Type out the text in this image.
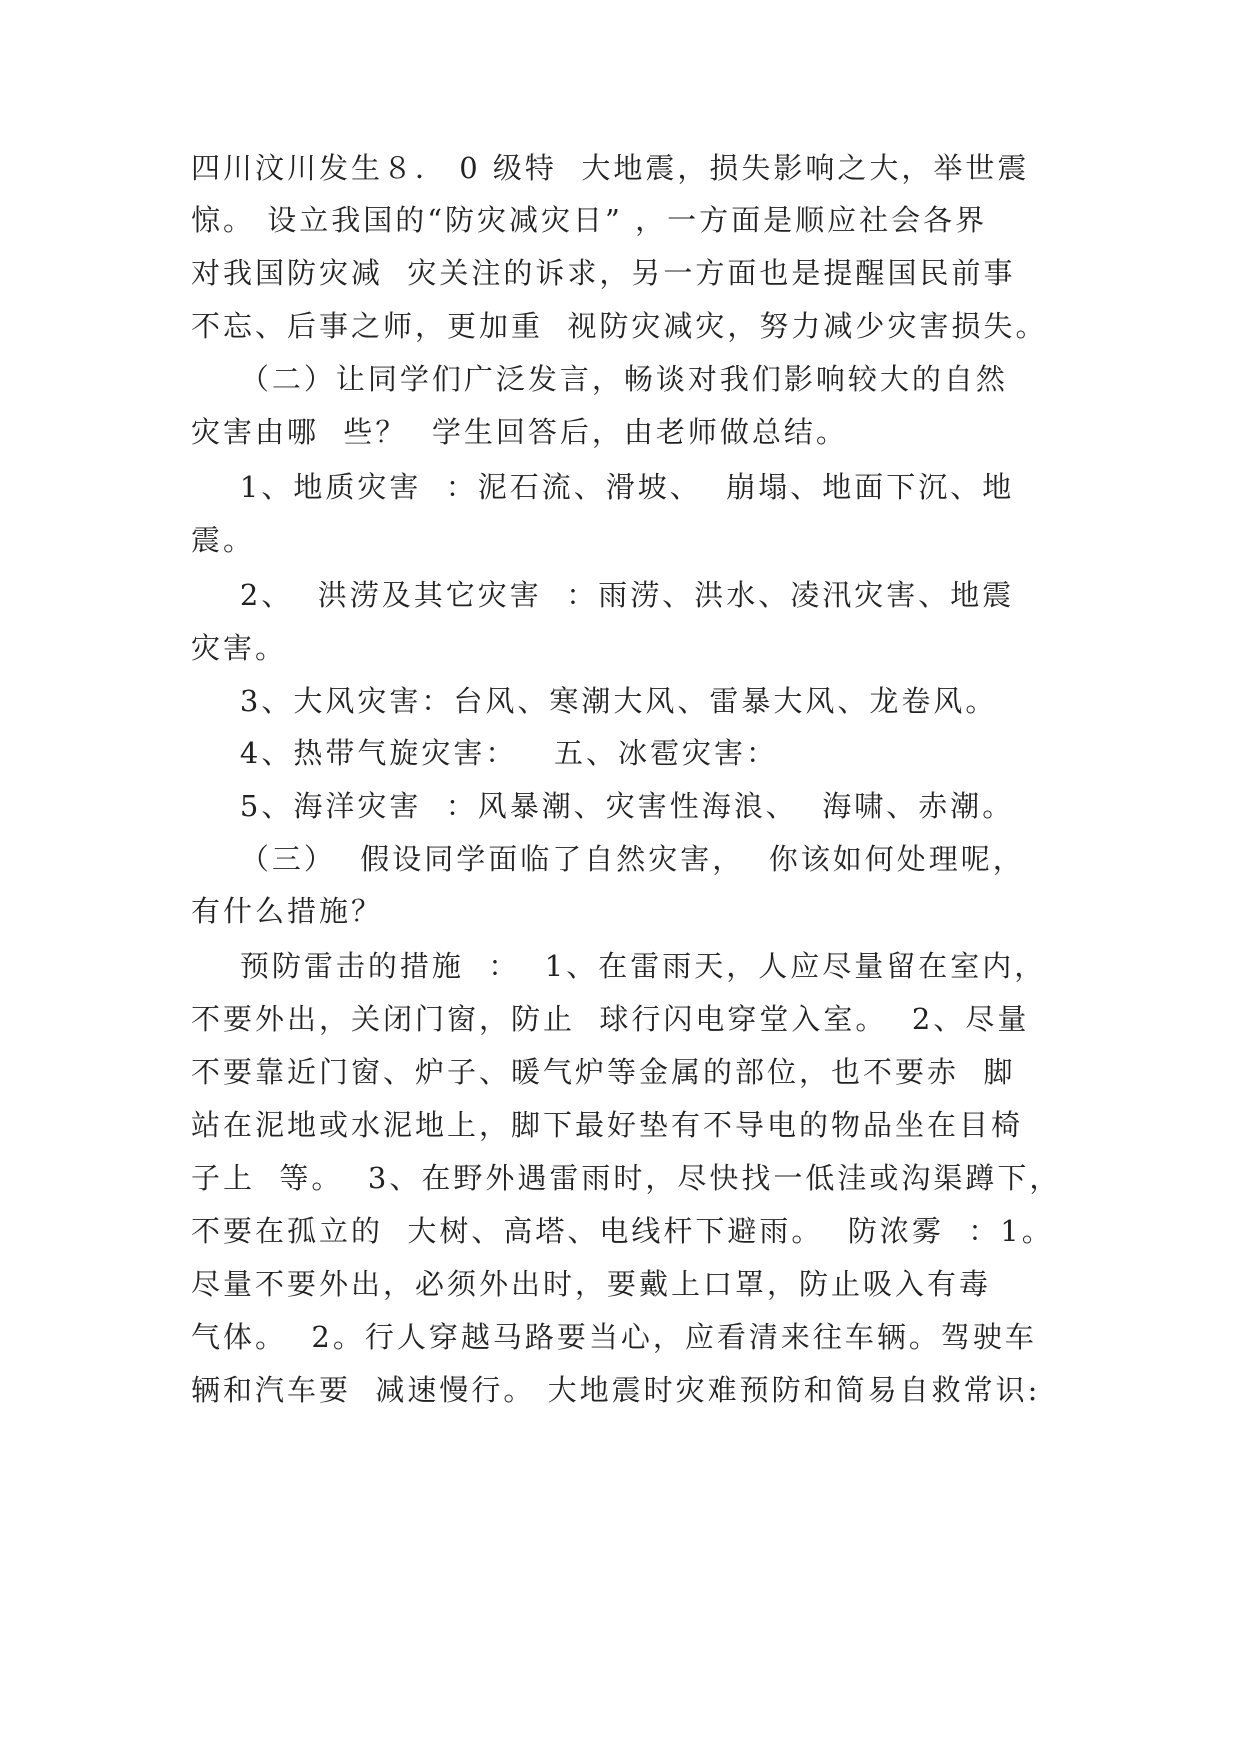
四川汶川发生８． 0 级特  大地震，损失影响之大，举世震
惊。 设立我国的“防灾减灾日” ，一方面是顺应社会各界
对我国防灾减  灾关注的诉求，另一方面也是提醒国民前事
不忘、后事之师，更加重  视防灾减灾，努力减少灾害损失。
（二）让同学们广泛发言，畅谈对我们影响较大的自然
灾害由哪  些？  学生回答后，由老师做总结。
1、地质灾害  ：泥石流、滑坡、  崩塌、地面下沉、地
震。
2、  洪涝及其它灾害  ：雨涝、洪水、凌汛灾害、地震
灾害。
3、大风灾害：台风、寒潮大风、雷暴大风、龙卷风。
4、热带气旋灾害：   五、冰雹灾害：
5、海洋灾害  ：风暴潮、灾害性海浪、  海啸、赤潮。
（三）  假设同学面临了自然灾害，  你该如何处理呢，
有什么措施？
预防雷击的措施  ：  1、在雷雨天，人应尽量留在室内，
不要外出，关闭门窗，防止  球行闪电穿堂入室。  2、尽量
不要靠近门窗、炉子、暖气炉等金属的部位，也不要赤  脚
站在泥地或水泥地上，脚下最好垫有不导电的物品坐在目椅
子上  等。  3、在野外遇雷雨时，尽快找一低洼或沟渠蹲下，
不要在孤立的  大树、高塔、电线杆下避雨。  防浓雾  ：1。
尽量不要外出，必须外出时，要戴上口罩，防止吸入有毒
气体。  2。行人穿越马路要当心，应看清来往车辆。驾驶车
辆和汽车要  减速慢行。 大地震时灾难预防和简易自救常识:
